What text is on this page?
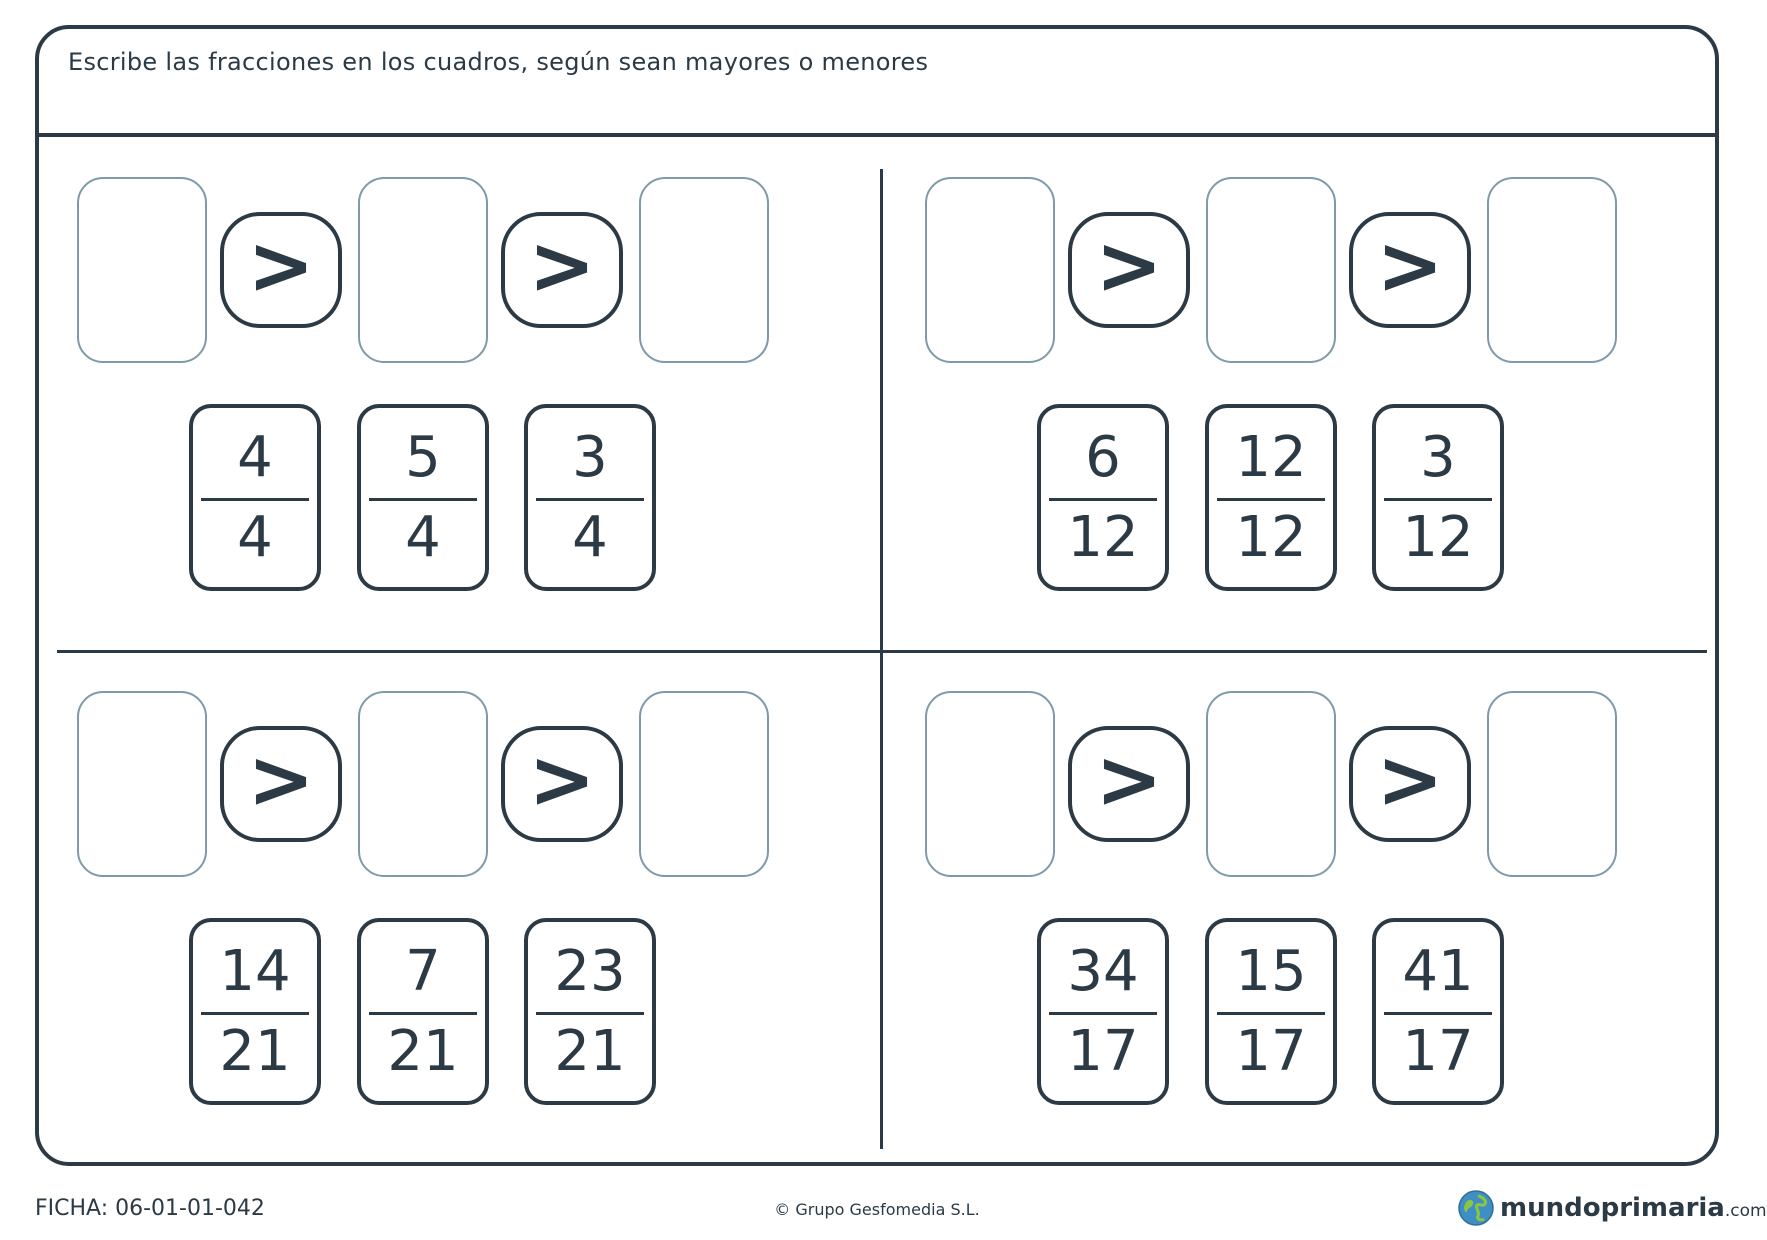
Escribe las fracciones en los cuadros, según sean mayores o menores
>	>
4
4
5
4
3
4
>	>
6
12
12
12
3
12
>	>
14
21
7
21
23
21
>	>
34
17
15
17
41
17
FICHA: 06-01-01-042	© Grupo Gesfomedia S.L.	mundoprimaria.com
